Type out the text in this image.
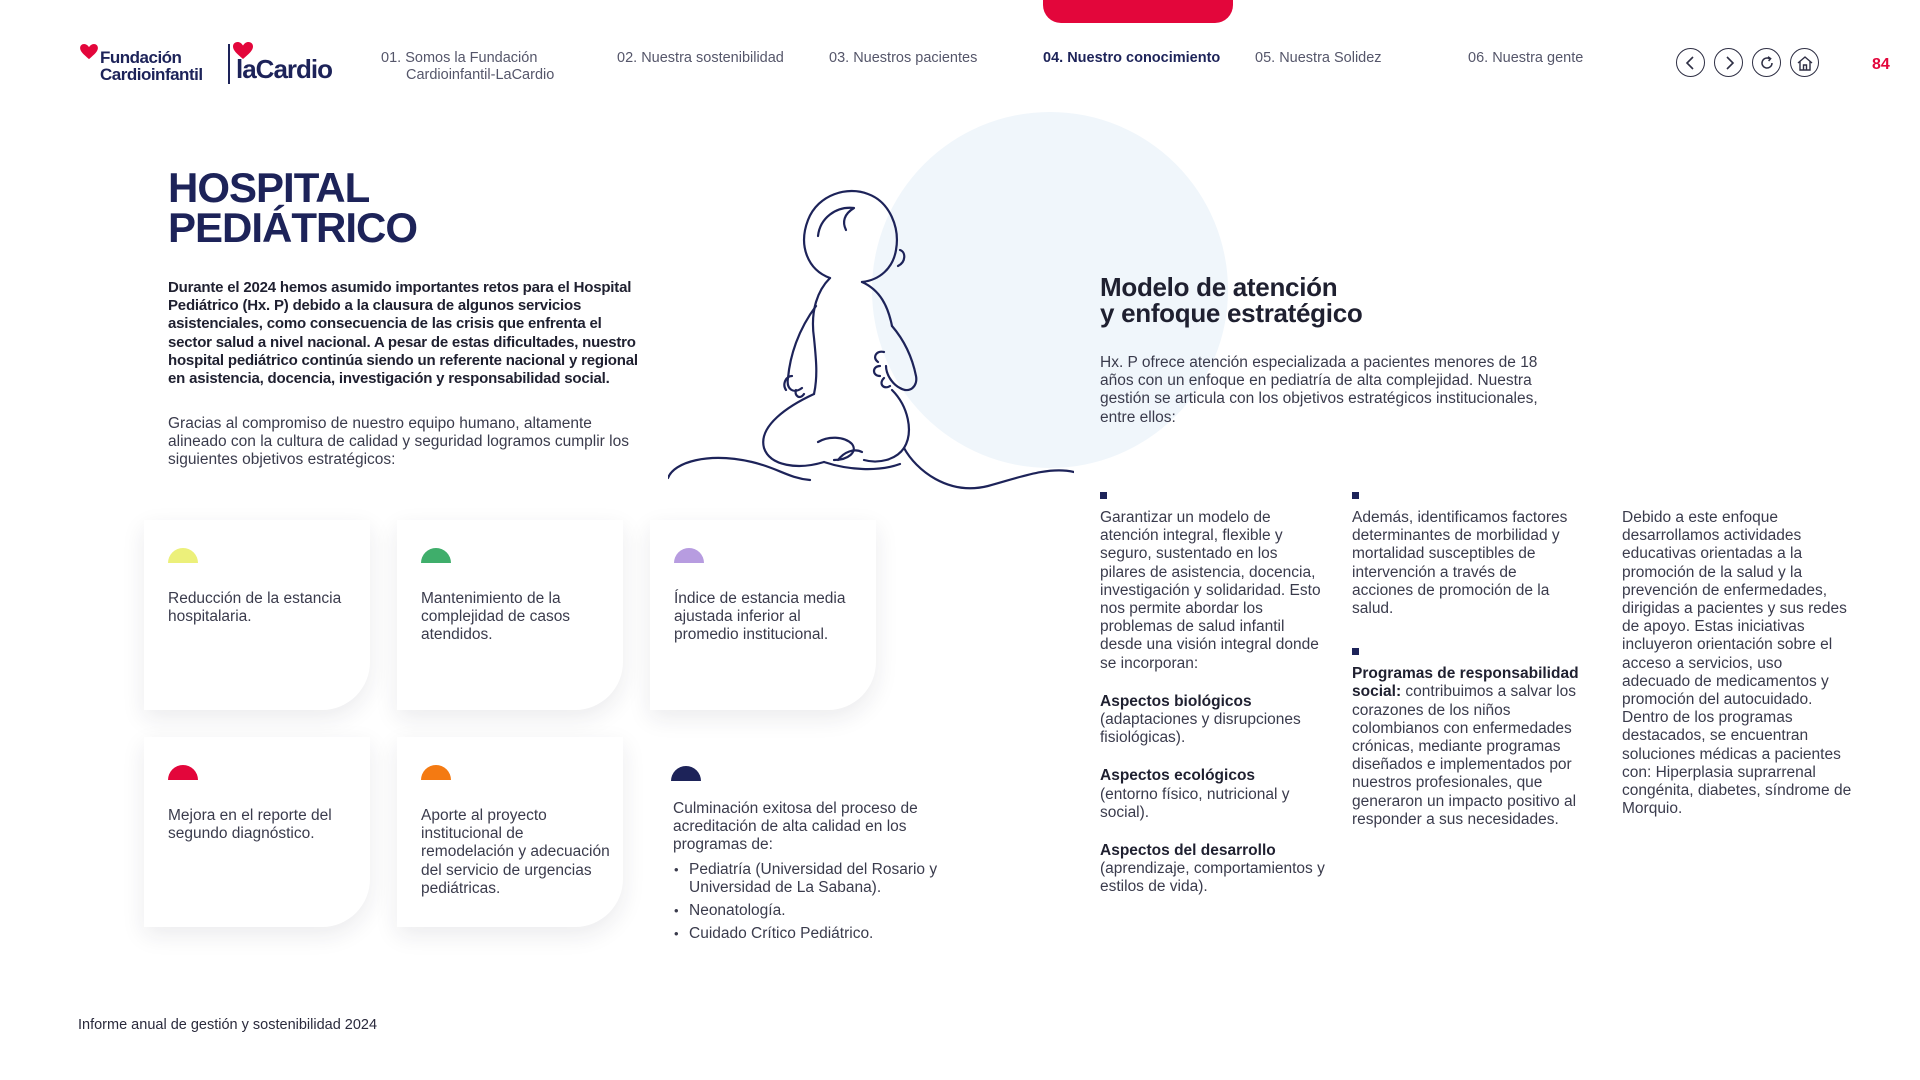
Fundación
Cardioinfantil laCardio	01. Somos la Fundación
Cardioinfantil-LaCardio
02. Nuestra sostenibilidad	03. Nuestros pacientes	04. Nuestro conocimiento 05. Nuestra Solidez	06. Nuestra gente	84
HOSPITAL
PEDIÁTRICO
Durante el 2024 hemos asumido importantes retos para el Hospital Pediátrico (Hx. P) debido a la clausura de algunos servicios asistenciales, como consecuencia de las crisis que enfrenta el sector salud a nivel nacional. A pesar de estas dificultades, nuestro hospital pediátrico continúa siendo un referente nacional y regional en asistencia, docencia, investigación y responsabilidad social.
Gracias al compromiso de nuestro equipo humano, altamente alineado con la cultura de calidad y seguridad logramos cumplir los siguientes objetivos estratégicos:
Reducción de la estancia hospitalaria.
Mantenimiento de la complejidad de casos atendidos.
Índice de estancia media ajustada inferior al promedio institucional.
Mejora en el reporte del segundo diagnóstico.
Aporte al proyecto institucional de remodelación y adecuación del servicio de urgencias pediátricas.
Culminación exitosa del proceso de acreditación de alta calidad en los programas de:
• Pediatría (Universidad del Rosario y Universidad de La Sabana).
• Neonatología.
• Cuidado Crítico Pediátrico.
Modelo de atención
y enfoque estratégico
Hx. P ofrece atención especializada a pacientes menores de 18 años con un enfoque en pediatría de alta complejidad. Nuestra gestión se articula con los objetivos estratégicos institucionales, entre ellos:

Garantizar un modelo de atención integral, flexible y seguro, sustentado en los pilares de asistencia, docencia, investigación y solidaridad. Esto nos permite abordar los problemas de salud infantil desde una visión integral donde se incorporan:

Aspectos biológicos
(adaptaciones y disrupciones fisiológicas).

Aspectos ecológicos
(entorno físico, nutricional y social).

Aspectos del desarrollo
(aprendizaje, comportamientos y estilos de vida).

Además, identificamos factores determinantes de morbilidad y mortalidad susceptibles de intervención a través de acciones de promoción de la salud.

Programas de responsabilidad social: contribuimos a salvar los corazones de los niños colombianos con enfermedades crónicas, mediante programas diseñados e implementados por nuestros profesionales, que generaron un impacto positivo al responder a sus necesidades.

Debido a este enfoque desarrollamos actividades educativas orientadas a la promoción de la salud y la prevención de enfermedades, dirigidas a pacientes y sus redes de apoyo. Estas iniciativas incluyeron orientación sobre el acceso a servicios, uso adecuado de medicamentos y promoción del autocuidado. Dentro de los programas destacados, se encuentran soluciones médicas a pacientes con: Hiperplasia suprarrenal congénita, diabetes, síndrome de Morquio.

Informe anual de gestión y sostenibilidad 2024
